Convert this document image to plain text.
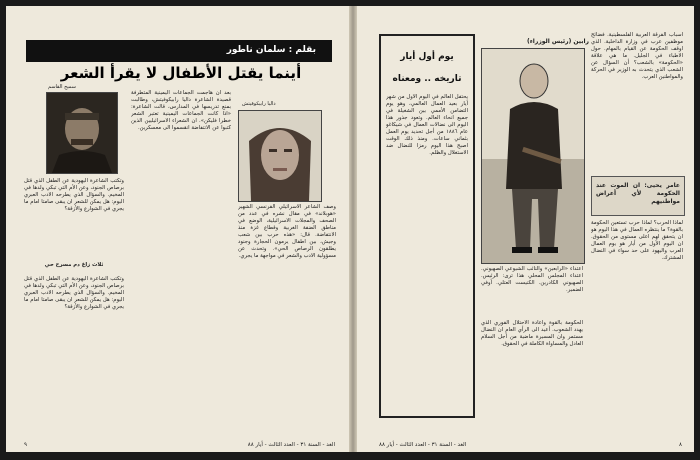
بقلم : سلمان ناطور
أينما يقتل الأطفال لا يقرأ الشعر
سميح القاسم
داليا رابيكوفيتش
وصف الشاعر الاسرائيلي الفرنسي الشهير «هوبلاند» في مقال نشره في عدد من الصحف والمجلات الاسرائيلية، الوضع في مناطق الضفة الغربية وقطاع غزة منذ الانتفاضة. قال: «هذه حرب بين شعب وجيش، بين اطفال يرمون الحجارة وجنود يطلقون الرصاص الحي». وتحدث عن مسؤولية الادب والشعر في مواجهة ما يجري.
بعد أن هاجمت الجماعات اليمينية المتطرفة قصيدة الشاعرة داليا رابيكوفيتش، وطالبت بمنع تدريسها في المدارس، قالت الشاعرة: «اذا كانت الجماعات اليمينية تعتبر الشعر خطرا فليكن». ان الشعراء الاسرائيليين الذين كتبوا عن الانتفاضة انقسموا الى معسكرين.
وتكتب الشاعرة اليهودية عن الطفل الذي قتل برصاص الجنود، وعن الأم التي تبكي ولدها في المخيم. والسؤال الذي يطرحه الادب العبري اليوم: هل يمكن للشعر ان يبقى صامتا امام ما يجري في الشوارع والأزقة؟
ثلاث زاغ دم مسرح حي
وتكتب الشاعرة اليهودية عن الطفل الذي قتل برصاص الجنود، وعن الأم التي تبكي ولدها في المخيم. والسؤال الذي يطرحه الادب العبري اليوم: هل يمكن للشعر ان يبقى صامتا امام ما يجري في الشوارع والأزقة؟
٩	الغد - السنة ٣١ - العدد الثالث - أيار ٨٨
يوم أول أيار
تاريخه .. ومعناه
يحتفل العالم في اليوم الأول من شهر أيار بعيد العمال العالمي، وهو يوم التضامن الأممي بين الشغيلة في جميع انحاء العالم. وتعود جذور هذا اليوم الى نضالات العمال في شيكاغو عام ١٨٨٦ من أجل تحديد يوم العمل بثماني ساعات. ومنذ ذلك الوقت اصبح هذا اليوم رمزا للنضال ضد الاستغلال والظلم.
رابين (رئيس الوزراء)
اعتداء «الرابعين» والنائب الشيوعي الصهيوني. اعتداء المجلس المحلي هذا ترى: الرئيس. الصهيوني الكادرين. الكنيست العتلي. أوفي الضمير.
اسباب الفرقة العربية الفلسطينية. فضائح موظفين عرب في وزارة الداخلية. الذي اوقف الحكومة عن القيام بالمهام. حول الاطباء في الجليل. ما هي علاقة «الحكومة» بالشعب؟ أن السؤال عن الشعب الذي يتحدث به الوزير في الحركة والمواطنين العرب.
عامر يحيى: ان الموت عند الحكومة لأي أعراض مواطنيهم
لماذا الحرب؟ لماذا حرب تستعين الحكومة بالقوة؟ ما ينتظره العمال في هذا اليوم هو ان يتحقق لهم اعلى مستوى من الحقوق. ان اليوم الأول من أيار هو يوم العمال العرب واليهود على حد سواء في النضال المشترك.
الحكومة بالقوة واعادة الاحتلال الفوري الذي يهدد الشعوب. أعيد الى الرأي العام ان النضال مستمر وان المسيرة ماضية من أجل السلام العادل والمساواة الكاملة في الحقوق.
الغد - السنة ٣١ - العدد الثالث - أيار ٨٨	٨
